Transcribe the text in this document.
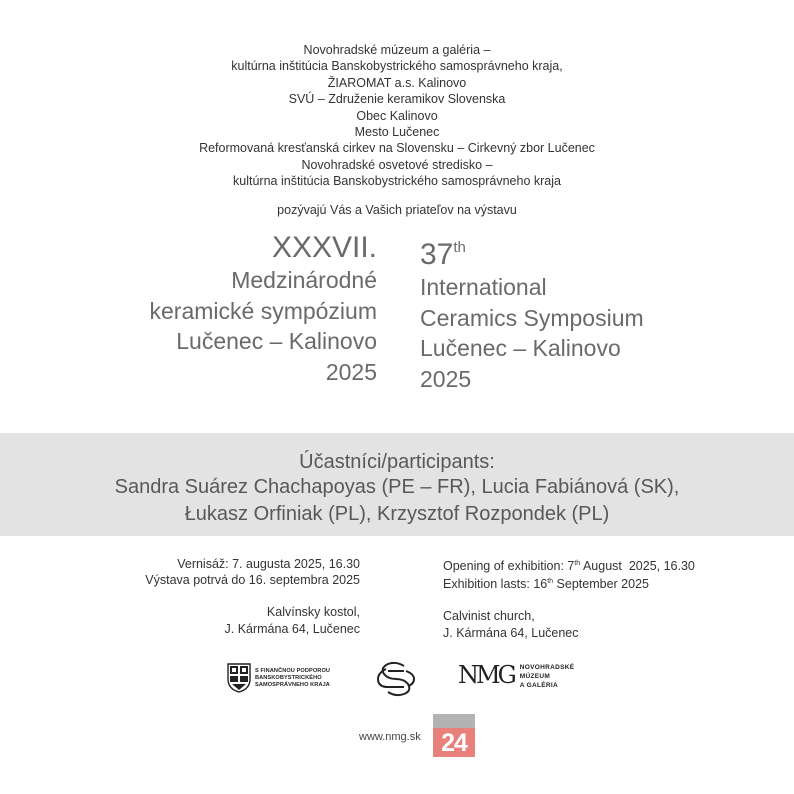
Novohradské múzeum a galéria –
kultúrna inštitúcia Banskobystrického samosprávneho kraja,
ŽIAROMAT a.s. Kalinovo
SVÚ – Združenie keramikov Slovenska
Obec Kalinovo
Mesto Lučenec
Reformovaná kresťanská cirkev na Slovensku – Cirkevný zbor Lučenec
Novohradské osvetové stredisko –
kultúrna inštitúcia Banskobystrického samosprávneho kraja
pozývajú Vás a Vašich priateľov na výstavu
XXXVII.
Medzinárodné
keramické sympózium
Lučenec – Kalinovo
2025
37th
International
Ceramics Symposium
Lučenec – Kalinovo
2025
Účastníci/participants:
Sandra Suárez Chachapoyas (PE – FR), Lucia Fabiánová (SK),
Łukasz Orfiniak (PL), Krzysztof Rozpondek (PL)
Vernisáž: 7. augusta 2025, 16.30
Výstava potrvá do 16. septembra 2025
Kalvínsky kostol,
J. Kármána 64, Lučenec
Opening of exhibition: 7th August  2025, 16.30
Exhibition lasts: 16th September 2025
Calvinist church,
J. Kármána 64, Lučenec
S FINANČNOU PODPOROU
BANSKOBYSTRICKÉHO
SAMOSPRÁVNEHO KRAJA	NMG NOVOHRADSKÉ
MÚZEUM
A GALÉRIA
www.nmg.sk 24
